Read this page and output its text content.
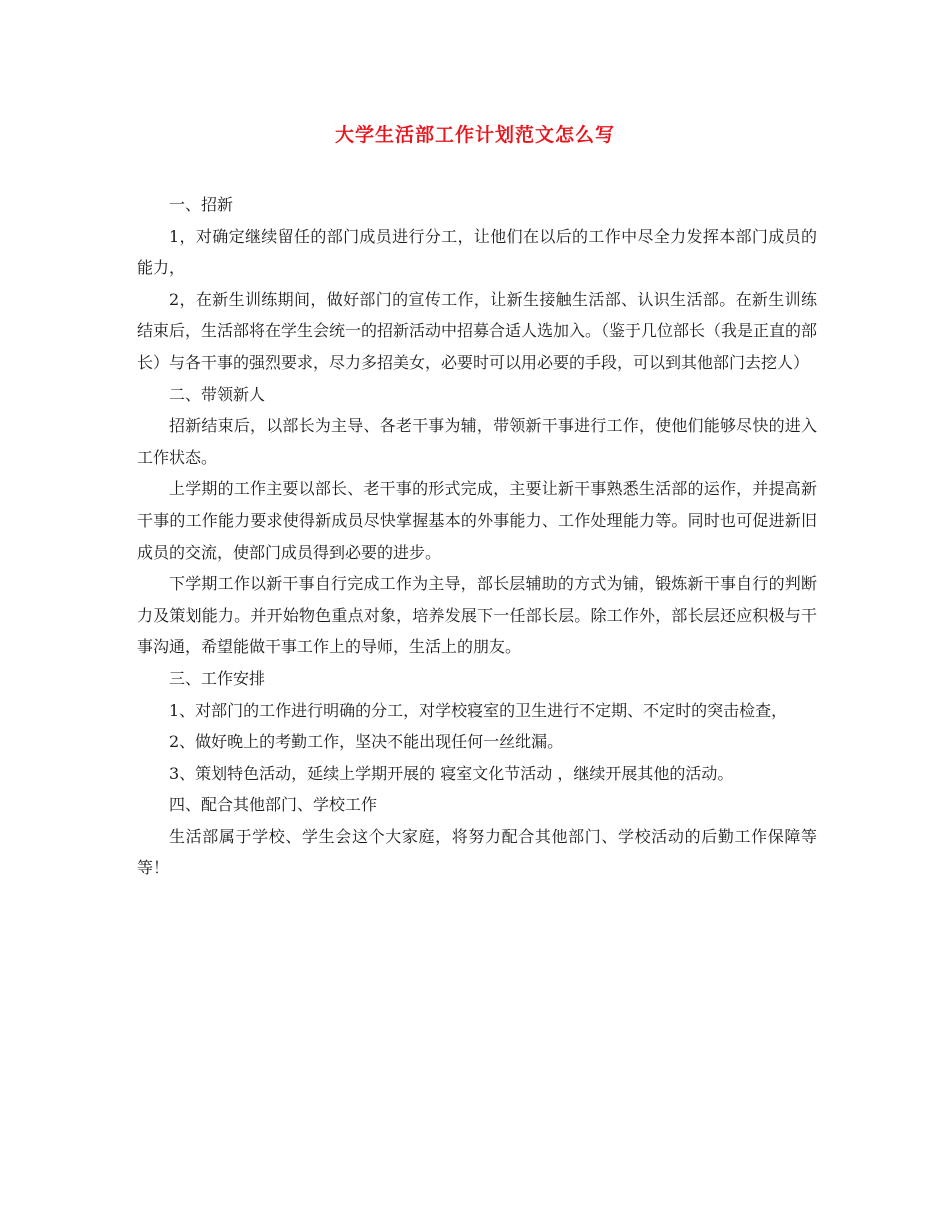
大学生活部工作计划范文怎么写

一、招新

1，对确定继续留任的部门成员进行分工，让他们在以后的工作中尽全力发挥本部门成员的能力，

2，在新生训练期间，做好部门的宣传工作，让新生接触生活部、认识生活部。在新生训练结束后，生活部将在学生会统一的招新活动中招募合适人选加入。（鉴于几位部长（我是正直的部长）与各干事的强烈要求，尽力多招美女，必要时可以用必要的手段，可以到其他部门去挖人）

二、带领新人

招新结束后，以部长为主导、各老干事为辅，带领新干事进行工作，使他们能够尽快的进入工作状态。

上学期的工作主要以部长、老干事的形式完成，主要让新干事熟悉生活部的运作，并提高新干事的工作能力要求使得新成员尽快掌握基本的外事能力、工作处理能力等。同时也可促进新旧成员的交流，使部门成员得到必要的进步。

下学期工作以新干事自行完成工作为主导，部长层辅助的方式为铺，锻炼新干事自行的判断力及策划能力。并开始物色重点对象，培养发展下一任部长层。除工作外，部长层还应积极与干事沟通，希望能做干事工作上的导师，生活上的朋友。

三、工作安排

1、对部门的工作进行明确的分工，对学校寝室的卫生进行不定期、不定时的突击检查，

2、做好晚上的考勤工作，坚决不能出现任何一丝纰漏。

3、策划特色活动，延续上学期开展的 寝室文化节活动 ，继续开展其他的活动。

四、配合其他部门、学校工作

生活部属于学校、学生会这个大家庭，将努力配合其他部门、学校活动的后勤工作保障等等！
